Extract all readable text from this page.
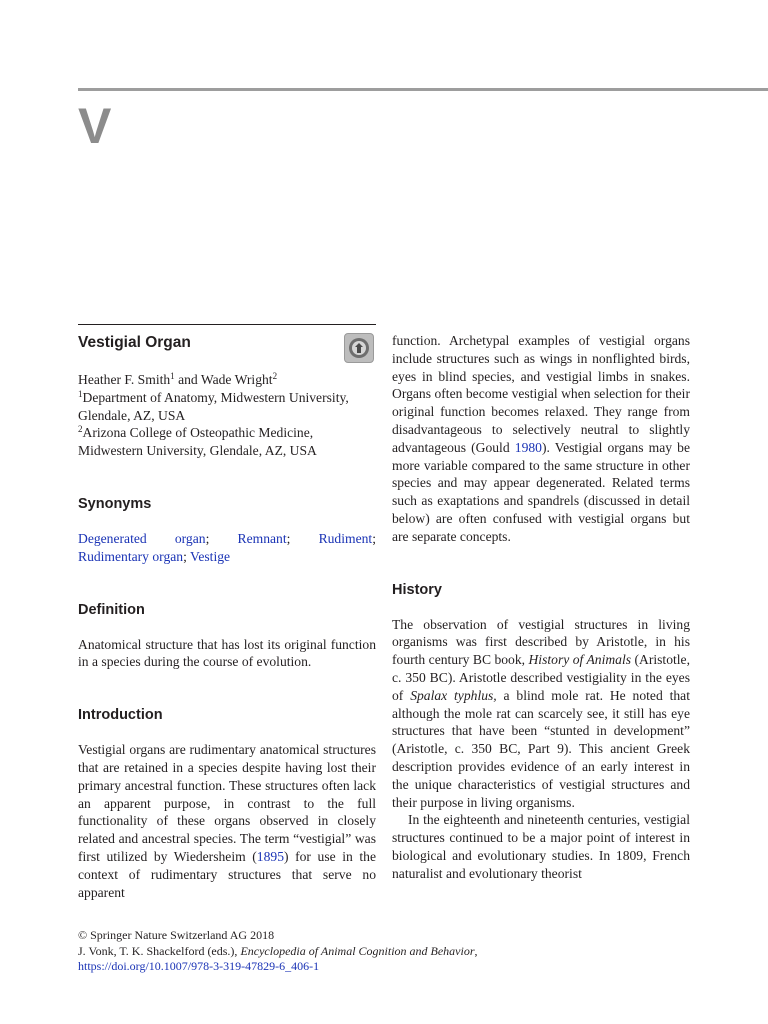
V
Vestigial Organ

Heather F. Smith$^1$ and Wade Wright$^2$

$^1$Department of Anatomy, Midwestern University, Glendale, AZ, USA

$^2$Arizona College of Osteopathic Medicine, Midwestern University, Glendale, AZ, USA

Synonyms

Degenerated organ; Remnant; Rudiment; Rudimentary organ; Vestige

Definition

Anatomical structure that has lost its original function in a species during the course of evolution.

Introduction

Vestigial organs are rudimentary anatomical structures that are retained in a species despite having lost their primary ancestral function. These structures often lack an apparent purpose, in contrast to the full functionality of these organs observed in closely related and ancestral species. The term “vestigial” was first utilized by Wiedersheim (1895) for use in the context of rudimentary structures that serve no apparent

function. Archetypal examples of vestigial organs include structures such as wings in nonflighted birds, eyes in blind species, and vestigial limbs in snakes. Organs often become vestigial when selection for their original function becomes relaxed. They range from disadvantageous to selectively neutral to slightly advantageous (Gould 1980). Vestigial organs may be more variable compared to the same structure in other species and may appear degenerated. Related terms such as exaptations and spandrels (discussed in detail below) are often confused with vestigial organs but are separate concepts.

History

The observation of vestigial structures in living organisms was first described by Aristotle, in his fourth century BC book, History of Animals (Aristotle, c. 350 BC). Aristotle described vestigiality in the eyes of Spalax typhlus, a blind mole rat. He noted that although the mole rat can scarcely see, it still has eye structures that have been “stunted in development” (Aristotle, c. 350 BC, Part 9). This ancient Greek description provides evidence of an early interest in the unique characteristics of vestigial structures and their purpose in living organisms.

In the eighteenth and nineteenth centuries, vestigial structures continued to be a major point of interest in biological and evolutionary studies. In 1809, French naturalist and evolutionary theorist

© Springer Nature Switzerland AG 2018

J. Vonk, T. K. Shackelford (eds.), Encyclopedia of Animal Cognition and Behavior,

https://doi.org/10.1007/978-3-319-47829-6_406-1
